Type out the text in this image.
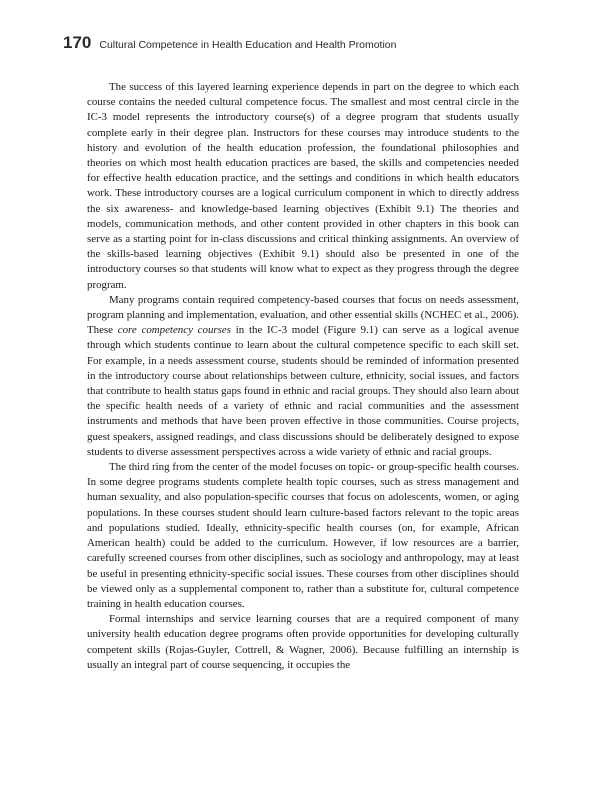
170 Cultural Competence in Health Education and Health Promotion

The success of this layered learning experience depends in part on the degree to which each course contains the needed cultural competence focus. The smallest and most central circle in the IC-3 model represents the introductory course(s) of a degree program that students usually complete early in their degree plan. Instructors for these courses may introduce students to the history and evolution of the health education profession, the foundational philosophies and theories on which most health education practices are based, the skills and competencies needed for effective health education practice, and the settings and conditions in which health educators work. These introductory courses are a logical curriculum component in which to directly address the six awareness- and knowledge-based learning objectives (Exhibit 9.1) The theories and models, communication methods, and other content provided in other chapters in this book can serve as a starting point for in-class discussions and critical thinking assignments. An overview of the skills-based learning objectives (Exhibit 9.1) should also be presented in one of the introductory courses so that students will know what to expect as they progress through the degree program.

Many programs contain required competency-based courses that focus on needs assessment, program planning and implementation, evaluation, and other essential skills (NCHEC et al., 2006). These core competency courses in the IC-3 model (Figure 9.1) can serve as a logical avenue through which students continue to learn about the cultural competence specific to each skill set. For example, in a needs assessment course, students should be reminded of information presented in the introductory course about relationships between culture, ethnicity, social issues, and factors that contribute to health status gaps found in ethnic and racial groups. They should also learn about the specific health needs of a variety of ethnic and racial communities and the assessment instruments and methods that have been proven effective in those communities. Course projects, guest speakers, assigned readings, and class discussions should be deliberately designed to expose students to diverse assessment perspectives across a wide variety of ethnic and racial groups.

The third ring from the center of the model focuses on topic- or group-specific health courses. In some degree programs students complete health topic courses, such as stress management and human sexuality, and also population-specific courses that focus on adolescents, women, or aging populations. In these courses student should learn culture-based factors relevant to the topic areas and populations studied. Ideally, ethnicity-specific health courses (on, for example, African American health) could be added to the curriculum. However, if low resources are a barrier, carefully screened courses from other disciplines, such as sociology and anthropology, may at least be useful in presenting ethnicity-specific social issues. These courses from other disciplines should be viewed only as a supplemental component to, rather than a substitute for, cultural competence training in health education courses.

Formal internships and service learning courses that are a required component of many university health education degree programs often provide opportunities for developing culturally competent skills (Rojas-Guyler, Cottrell, & Wagner, 2006). Because fulfilling an internship is usually an integral part of course sequencing, it occupies the
